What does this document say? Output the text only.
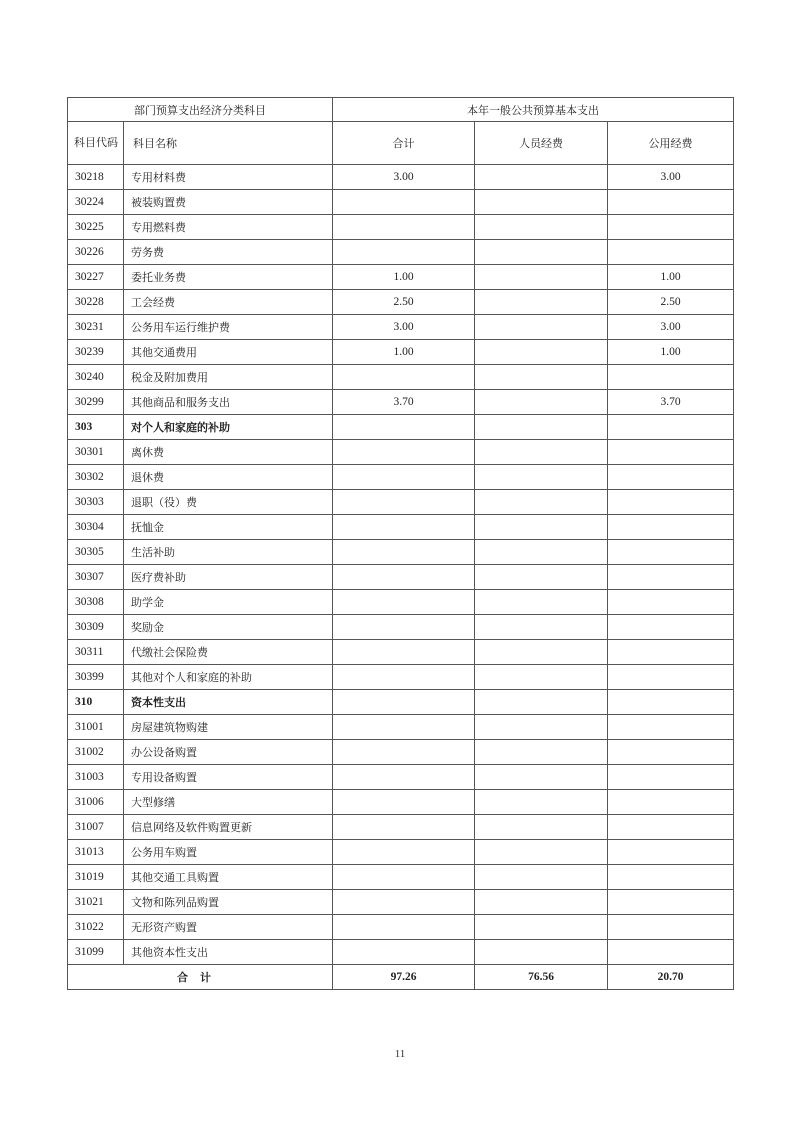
部门预算支出经济分类科目		本年一般公共预算基本支出		
科目代码	科目名称	合计	人员经费	公用经费
30218	专用材料费	3.00		3.00
30224	被装购置费			
30225	专用燃料费			
30226	劳务费			
30227	委托业务费	1.00		1.00
30228	工会经费	2.50		2.50
30231	公务用车运行维护费	3.00		3.00
30239	其他交通费用	1.00		1.00
30240	税金及附加费用			
30299	其他商品和服务支出	3.70		3.70
303	对个人和家庭的补助			
30301	离休费			
30302	退休费			
30303	退职（役）费			
30304	抚恤金			
30305	生活补助			
30307	医疗费补助			
30308	助学金			
30309	奖励金			
30311	代缴社会保险费			
30399	其他对个人和家庭的补助			
310	资本性支出			
31001	房屋建筑物购建			
31002	办公设备购置			
31003	专用设备购置			
31006	大型修缮			
31007	信息网络及软件购置更新			
31013	公务用车购置			
31019	其他交通工具购置			
31021	文物和陈列品购置			
31022	无形资产购置			
31099	其他资本性支出			
合计		97.26	76.56	20.70
11
